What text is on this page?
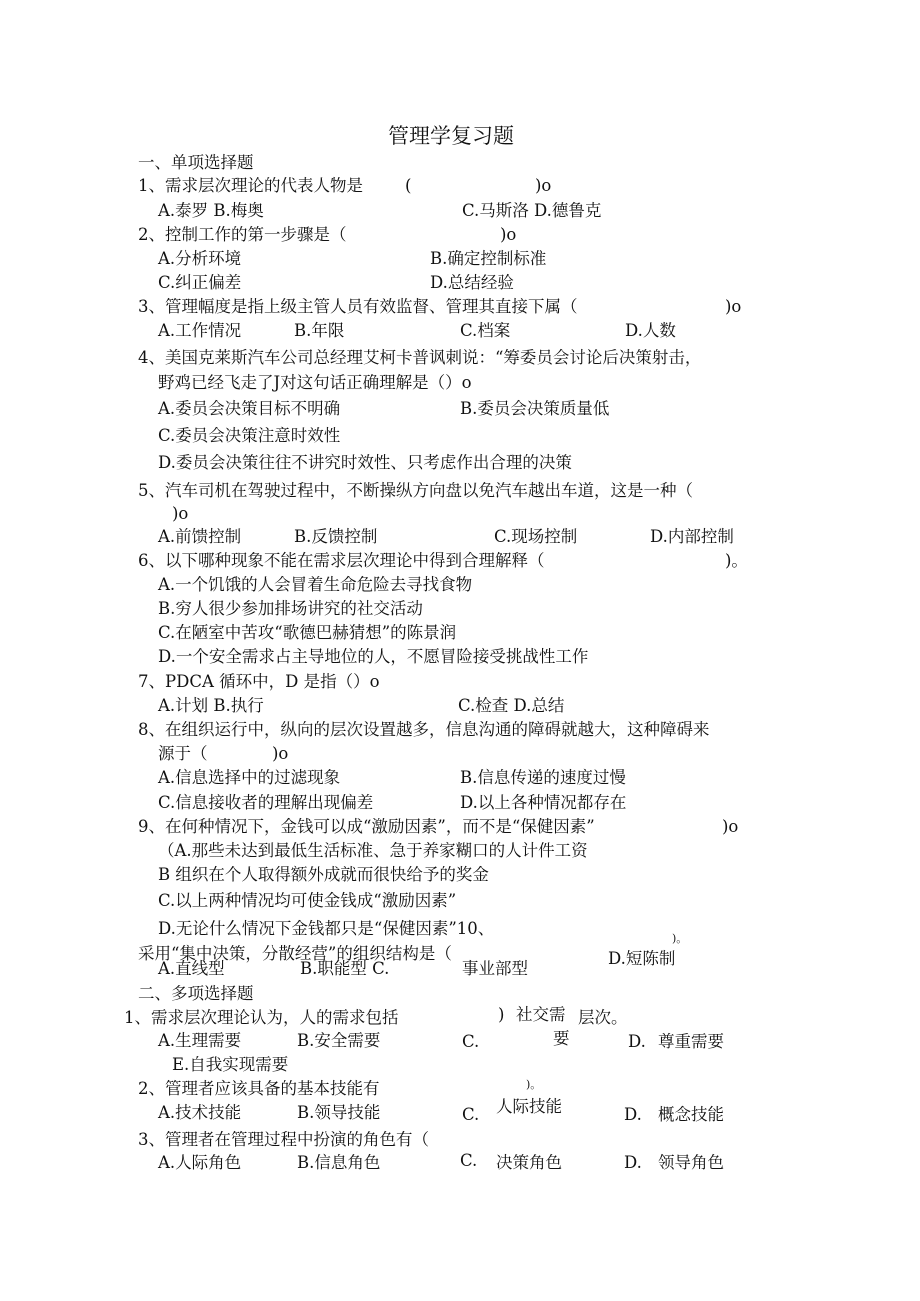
管理学复习题
一、单项选择题
1、需求层次理论的代表人物是	(	)o
A.泰罗 B.梅奥	C.马斯洛 D.德鲁克
2、控制工作的第一步骤是（	)o
A.分析环境	B.确定控制标准
C.纠正偏差	D.总结经验
3、管理幅度是指上级主管人员有效监督、管理其直接下属（	)o
A.工作情况	B.年限	C.档案	D.人数
4、美国克莱斯汽车公司总经理艾柯卡普讽刺说：“筹委员会讨论后决策射击，
野鸡已经飞走了J对这句话正确理解是（）o
A.委员会决策目标不明确	B.委员会决策质量低
C.委员会决策注意时效性
D.委员会决策往往不讲究时效性、只考虑作出合理的决策
5、汽车司机在驾驶过程中，不断操纵方向盘以免汽车越出车道，这是一种（
)o
A.前馈控制	B.反馈控制	C.现场控制	D.内部控制
6、以下哪种现象不能在需求层次理论中得到合理解释（	)。
A.一个饥饿的人会冒着生命危险去寻找食物
B.穷人很少参加排场讲究的社交活动
C.在陋室中苦攻“歌德巴赫猜想”的陈景润
D.一个安全需求占主导地位的人，不愿冒险接受挑战性工作
7、PDCA 循环中，D 是指（）o
A.计划 B.执行	C.检查 D.总结
8、在组织运行中，纵向的层次设置越多，信息沟通的障碍就越大，这种障碍来
源于（	)o
A.信息选择中的过滤现象	B.信息传递的速度过慢
C.信息接收者的理解出现偏差	D.以上各种情况都存在
9、在何种情况下，金钱可以成“激励因素”，而不是“保健因素”	)o
（A.那些未达到最低生活标准、急于养家糊口的人计件工资
B 组织在个人取得额外成就而很快给予的奖金
C.以上两种情况均可使金钱成“激励因素”
D.无论什么情况下金钱都只是“保健因素”10、
采用“集中决策，分散经营”的组织结构是（
)。
A.直线型	B.职能型 C.	事业部型
D.短陈制
二、多项选择题
1、需求层次理论认为，人的需求包括	) 社交需 层次。
A.生理需要	B.安全需要	C.	要	D. 尊重需要
E.自我实现需要
2、管理者应该具备的基本技能有	)。
A.技术技能	B.领导技能	C. 人际技能	D. 概念技能
3、管理者在管理过程中扮演的角色有（
A.人际角色	B.信息角色	C. 决策角色	D. 领导角色
